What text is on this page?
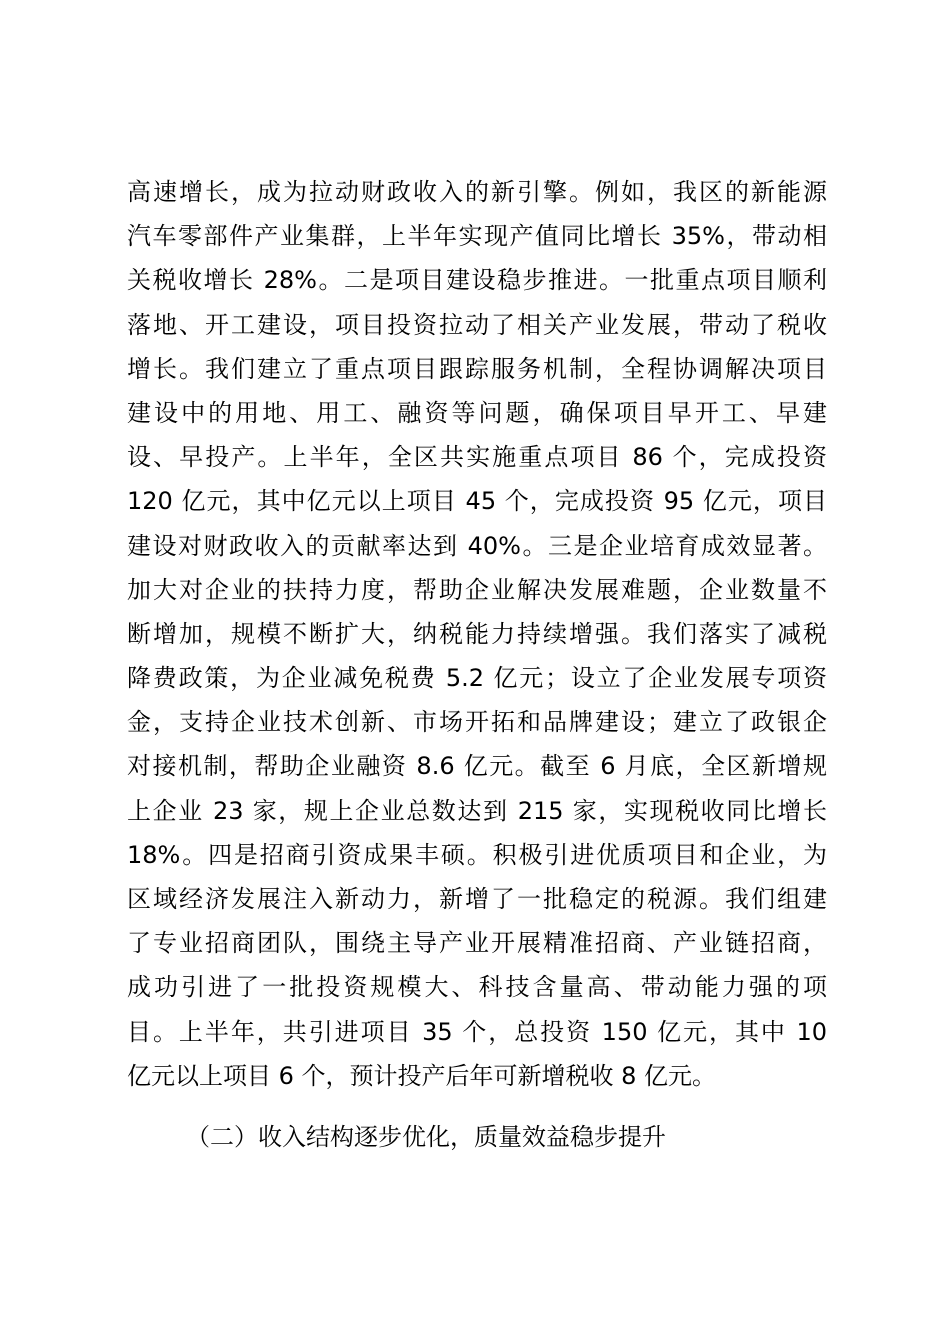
高速增长，成为拉动财政收入的新引擎。例如，我区的新能源
汽车零部件产业集群，上半年实现产值同比增长 35%，带动相
关税收增长 28%。二是项目建设稳步推进。一批重点项目顺利
落地、开工建设，项目投资拉动了相关产业发展，带动了税收
增长。我们建立了重点项目跟踪服务机制，全程协调解决项目
建设中的用地、用工、融资等问题，确保项目早开工、早建
设、早投产。上半年，全区共实施重点项目 86 个，完成投资
120 亿元，其中亿元以上项目 45 个，完成投资 95 亿元，项目
建设对财政收入的贡献率达到 40%。三是企业培育成效显著。
加大对企业的扶持力度，帮助企业解决发展难题，企业数量不
断增加，规模不断扩大，纳税能力持续增强。我们落实了减税
降费政策，为企业减免税费 5.2 亿元；设立了企业发展专项资
金，支持企业技术创新、市场开拓和品牌建设；建立了政银企
对接机制，帮助企业融资 8.6 亿元。截至 6 月底，全区新增规
上企业 23 家，规上企业总数达到 215 家，实现税收同比增长
18%。四是招商引资成果丰硕。积极引进优质项目和企业，为
区域经济发展注入新动力，新增了一批稳定的税源。我们组建
了专业招商团队，围绕主导产业开展精准招商、产业链招商，
成功引进了一批投资规模大、科技含量高、带动能力强的项
目。上半年，共引进项目 35 个，总投资 150 亿元，其中 10
亿元以上项目 6 个，预计投产后年可新增税收 8 亿元。
（二）收入结构逐步优化，质量效益稳步提升
